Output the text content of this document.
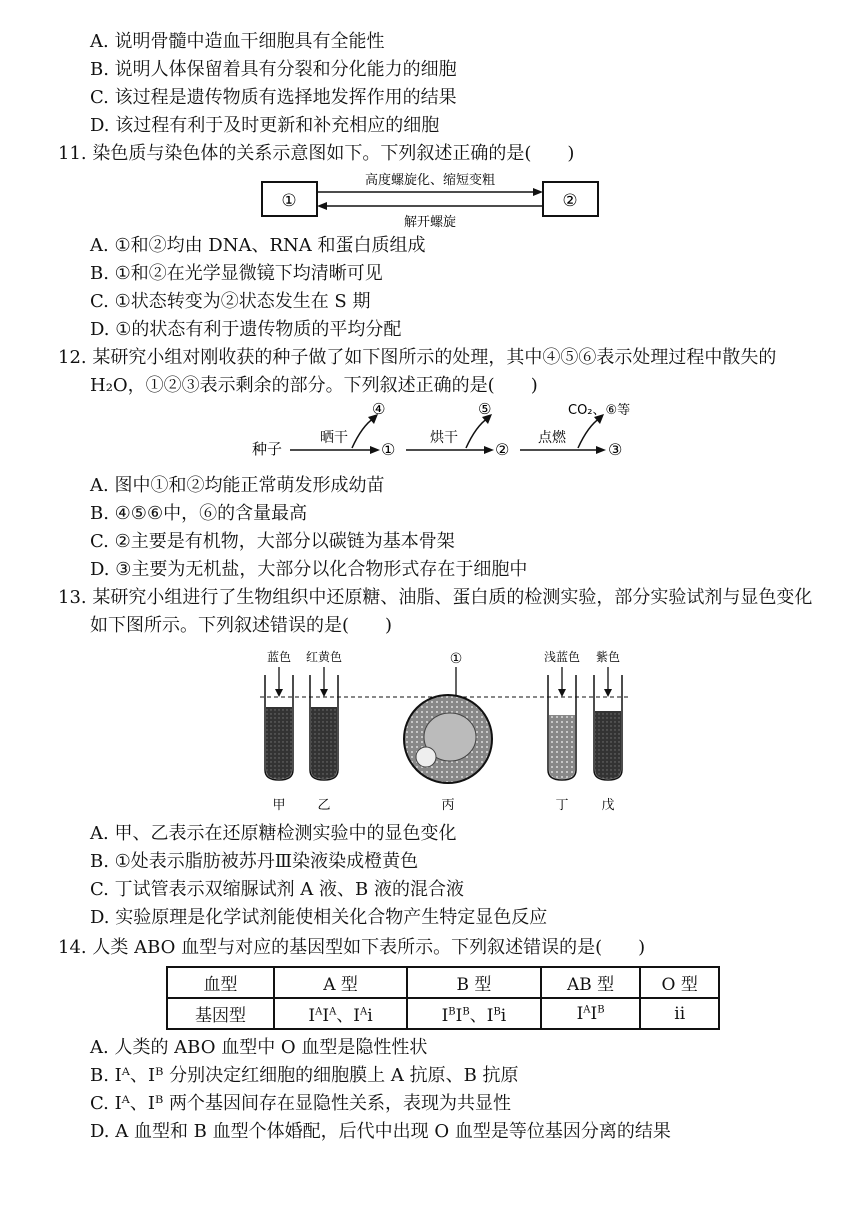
A. 说明骨髓中造血干细胞具有全能性
B. 说明人体保留着具有分裂和分化能力的细胞
C. 该过程是遗传物质有选择地发挥作用的结果
D. 该过程有利于及时更新和补充相应的细胞
11. 染色质与染色体的关系示意图如下。下列叙述正确的是(　　)
①	②
高度螺旋化、缩短变粗
解开螺旋
A. ①和②均由 DNA、RNA 和蛋白质组成
B. ①和②在光学显微镜下均清晰可见
C. ①状态转变为②状态发生在 S 期
D. ①的状态有利于遗传物质的平均分配
12. 某研究小组对刚收获的种子做了如下图所示的处理，其中④⑤⑥表示处理过程中散失的
H₂O，①②③表示剩余的部分。下列叙述正确的是(　　)
种子
晒干
④
①
烘干
⑤
②
点燃
CO₂、⑥等
③
A. 图中①和②均能正常萌发形成幼苗
B. ④⑤⑥中，⑥的含量最高
C. ②主要是有机物，大部分以碳链为基本骨架
D. ③主要为无机盐，大部分以化合物形式存在于细胞中
13. 某研究小组进行了生物组织中还原糖、油脂、蛋白质的检测实验，部分实验试剂与显色变化
如下图所示。下列叙述错误的是(　　)
蓝色 红黄色	①	浅蓝色 紫色
甲 乙	丙	丁	戊
A. 甲、乙表示在还原糖检测实验中的显色变化
B. ①处表示脂肪被苏丹Ⅲ染液染成橙黄色
C. 丁试管表示双缩脲试剂 A 液、B 液的混合液
D. 实验原理是化学试剂能使相关化合物产生特定显色反应
14. 人类 ABO 血型与对应的基因型如下表所示。下列叙述错误的是(　　)
血型	A 型	B 型	AB 型	O 型
基因型	$I^AI^A$、$I^Ai$	$I^BI^B$、$I^Bi$	$I^AI^B$	ii
A. 人类的 ABO 血型中 O 血型是隐性性状
B. Iᴬ、Iᴮ 分别决定红细胞的细胞膜上 A 抗原、B 抗原
C. Iᴬ、Iᴮ 两个基因间存在显隐性关系，表现为共显性
D. A 血型和 B 血型个体婚配，后代中出现 O 血型是等位基因分离的结果
